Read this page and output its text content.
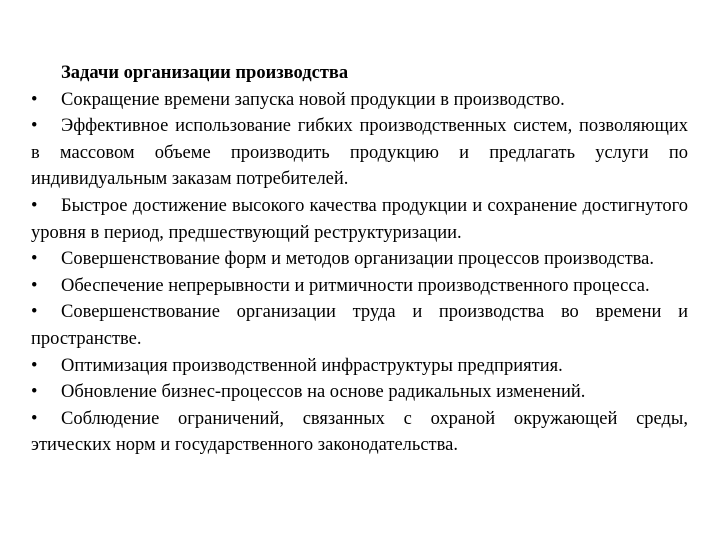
Задачи организации производства

• Сокращение времени запуска новой продукции в производство.

• Эффективное использование гибких производственных систем, позволяющих в массовом объеме производить продукцию и предлагать услуги по индивидуальным заказам потребителей.

• Быстрое достижение высокого качества продукции и сохранение достигнутого уровня в период, предшествующий реструктуризации.

• Совершенствование форм и методов организации процессов производства.

• Обеспечение непрерывности и ритмичности производственного процесса.

• Совершенствование организации труда и производства во времени и пространстве.

• Оптимизация производственной инфраструктуры предприятия.

• Обновление бизнес-процессов на основе радикальных изменений.

• Соблюдение ограничений, связанных с охраной окружающей среды, этических норм и государственного законодательства.
